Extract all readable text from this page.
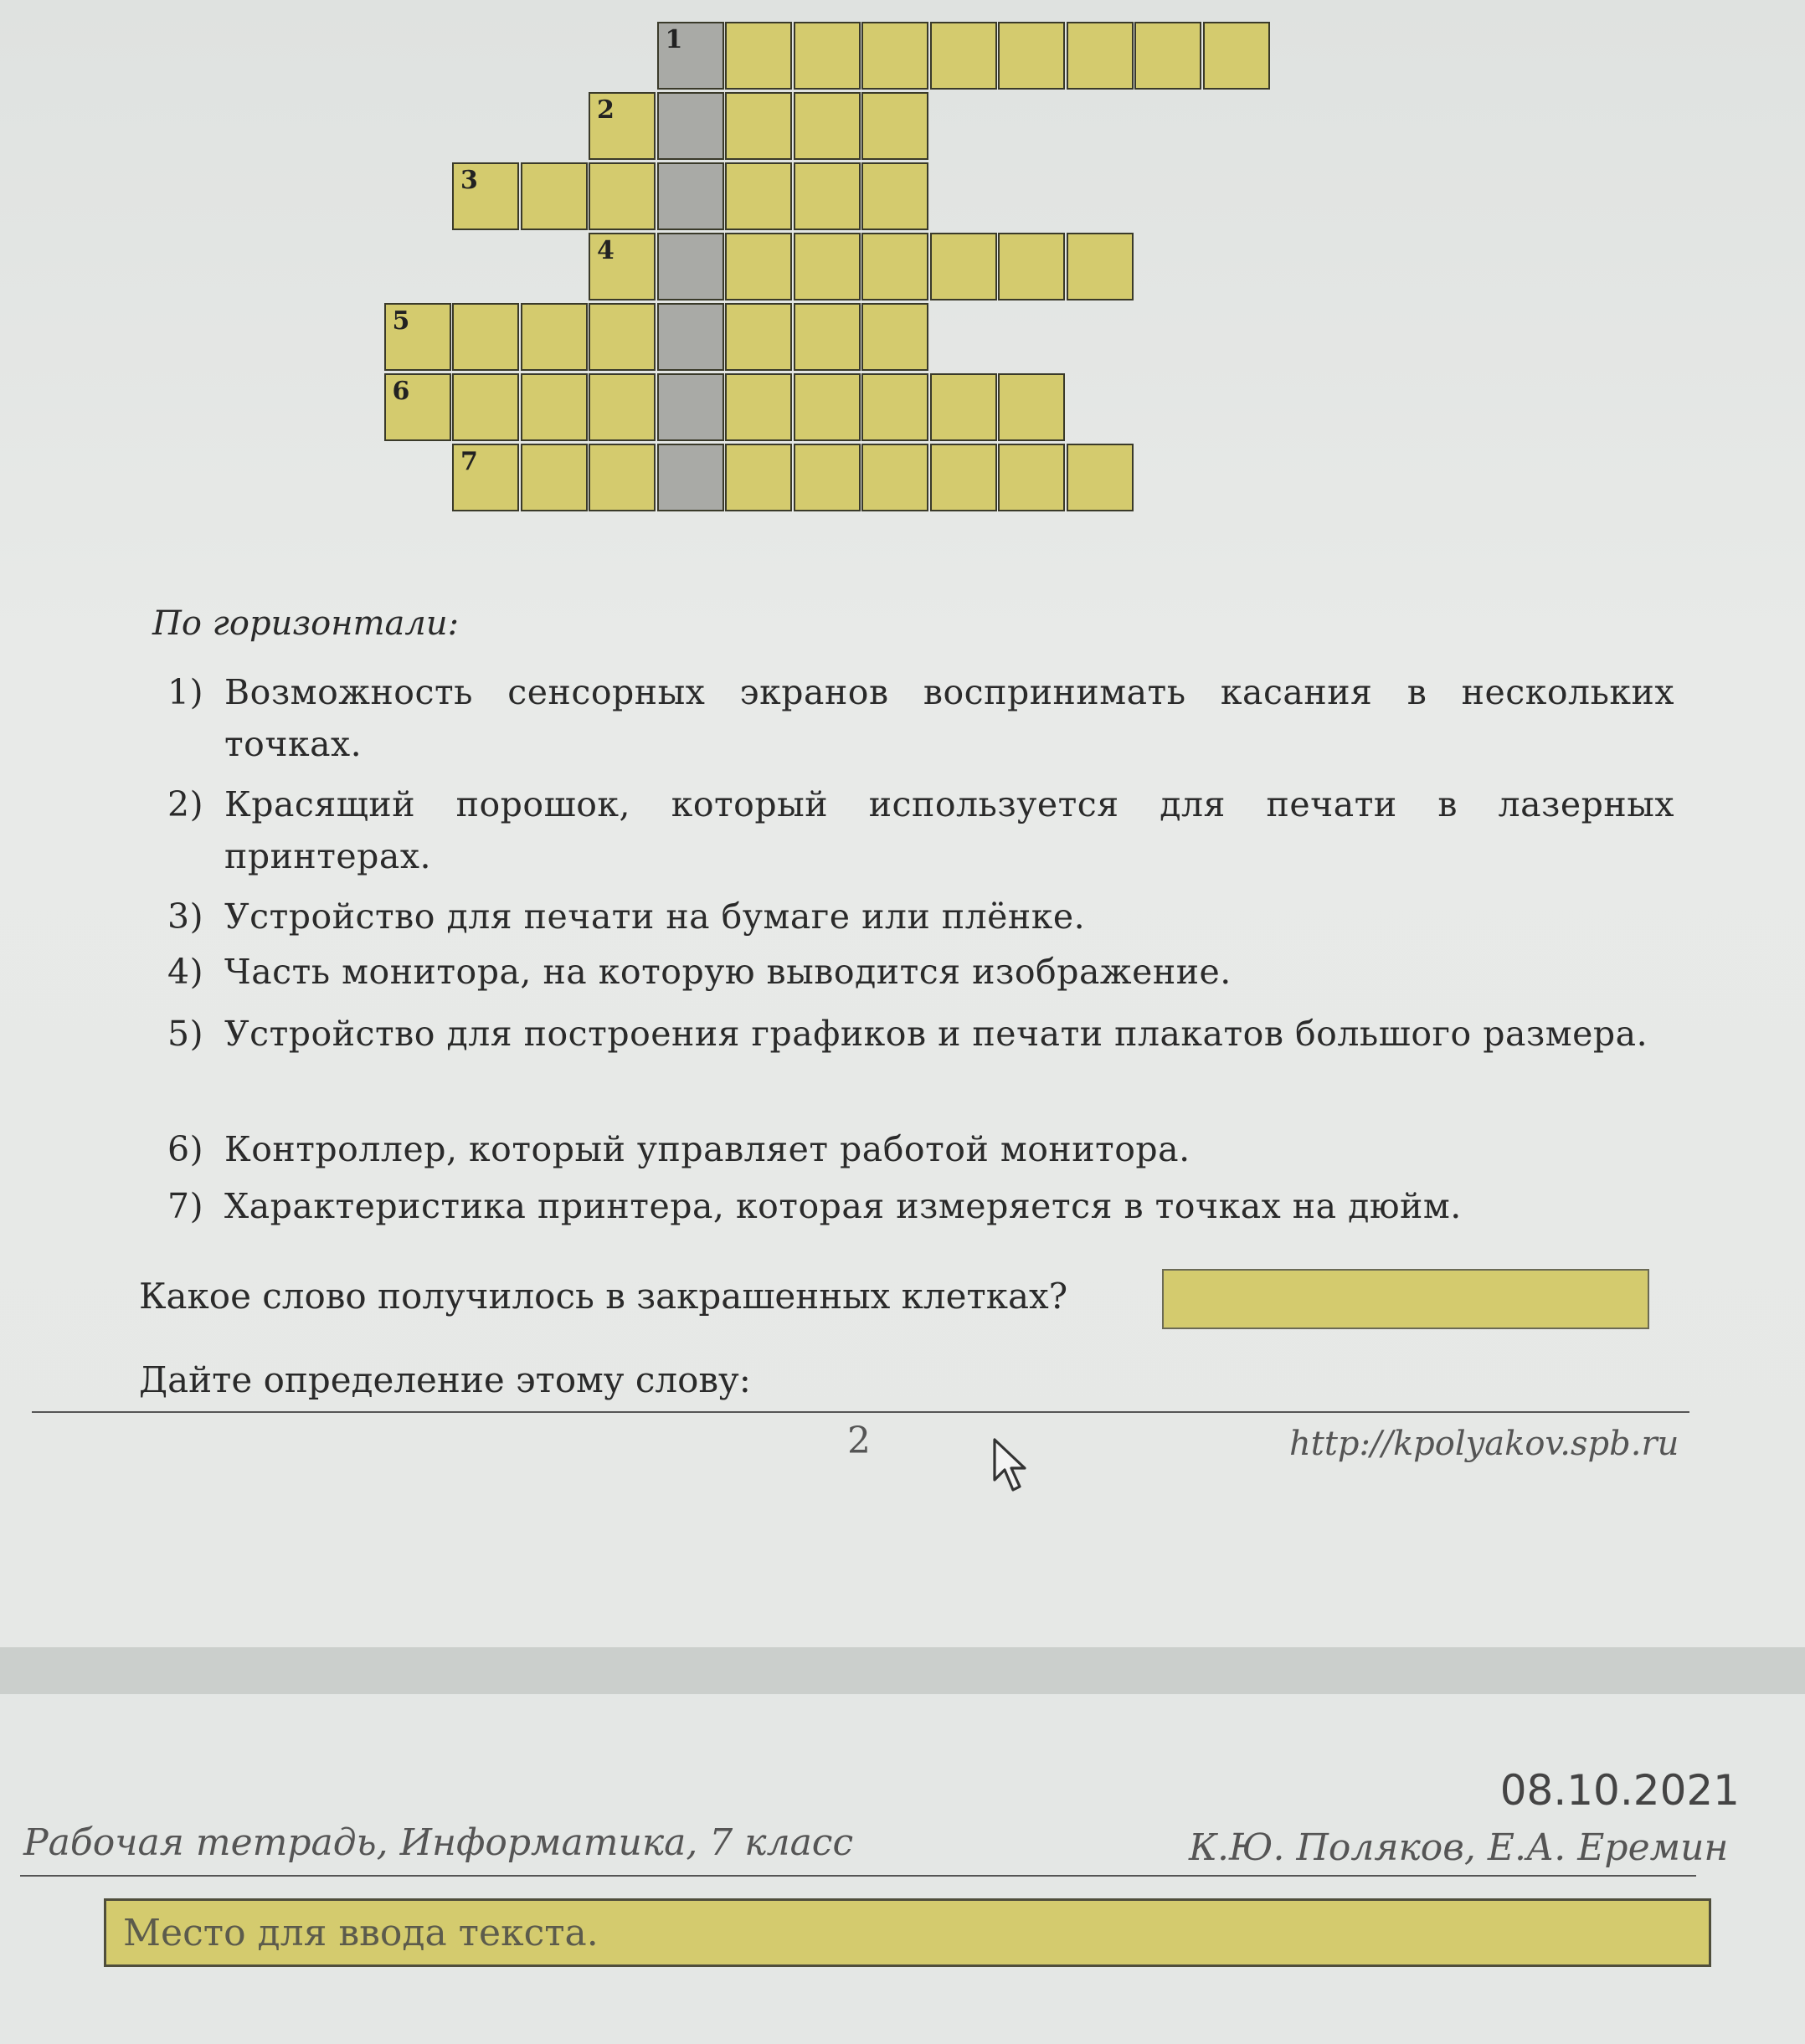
1
2
3
4
5
6
7
По горизонтали:
1) Возможность сенсорных экранов воспринимать касания в нескольких точках.
2) Красящий порошок, который используется для печати в лазерных принтерах.
3) Устройство для печати на бумаге или плёнке.
4) Часть монитора, на которую выводится изображение.
5) Устройство для построения графиков и печати плакатов большого размера.
6) Контроллер, который управляет работой монитора.
7) Характеристика принтера, которая измеряется в точках на дюйм.
Какое слово получилось в закрашенных клетках?
Дайте определение этому слову:
2	http://kpolyakov.spb.ru
08.10.2021
Рабочая тетрадь, Информатика, 7 класс	К.Ю. Поляков, Е.А. Еремин
Место для ввода текста.
